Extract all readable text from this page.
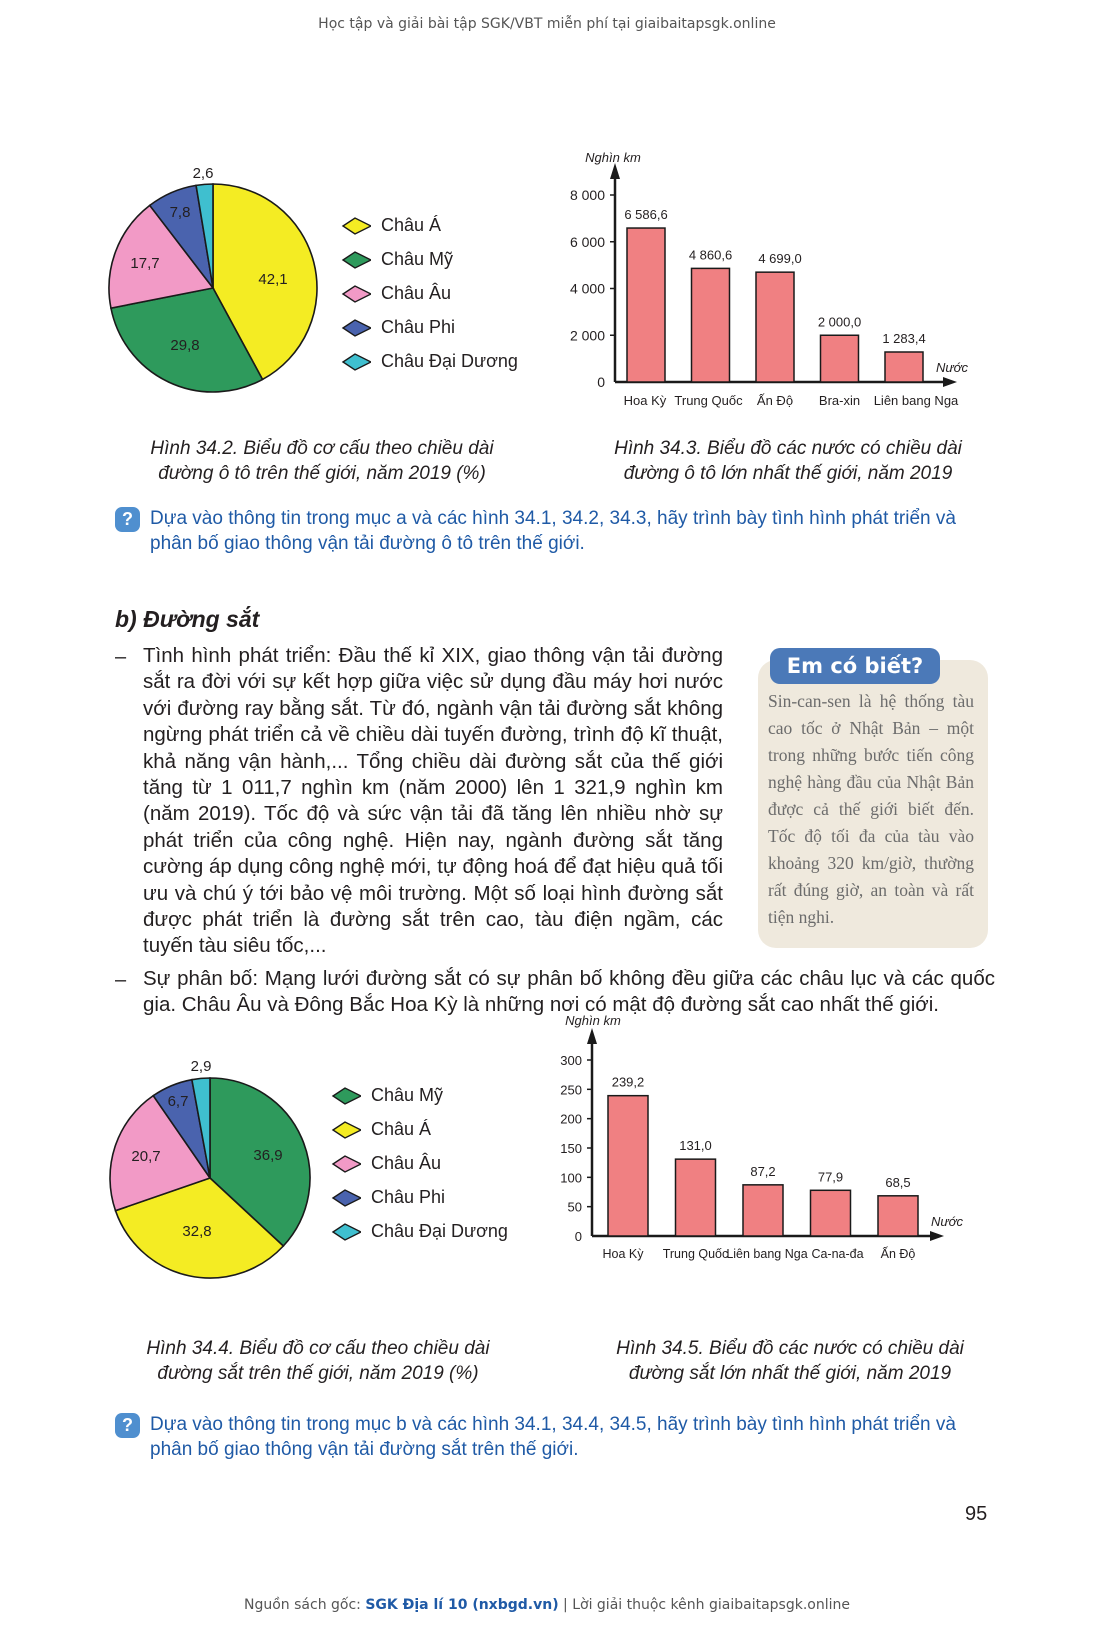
Học tập và giải bài tập SGK/VBT miễn phí tại giaibaitapsgk.online
42,1
29,8
17,7
7,8
2,6
Châu Á
Châu Mỹ
Châu Âu
Châu Phi
Châu Đại Dương
0
2 000
4 000
6 000
8 000
Nghìn km
Nước
6 586,6
Hoa Kỳ
4 860,6
Trung Quốc
4 699,0
Ấn Độ
2 000,0
Bra-xin
1 283,4
Liên bang Nga
Hình 34.2. Biểu đồ cơ cấu theo chiều dài
đường ô tô trên thế giới, năm 2019 (%)
Hình 34.3. Biểu đồ các nước có chiều dài
đường ô tô lớn nhất thế giới, năm 2019
? Dựa vào thông tin trong mục a và các hình 34.1, 34.2, 34.3, hãy trình bày tình hình phát triển và phân bố giao thông vận tải đường ô tô trên thế giới.
b) Đường sắt
– Tình hình phát triển: Đầu thế kỉ XIX, giao thông vận tải đường sắt ra đời với sự kết hợp giữa việc sử dụng đầu máy hơi nước với đường ray bằng sắt. Từ đó, ngành vận tải đường sắt không ngừng phát triển cả về chiều dài tuyến đường, trình độ kĩ thuật, khả năng vận hành,... Tổng chiều dài đường sắt của thế giới tăng từ 1 011,7 nghìn km (năm 2000) lên 1 321,9 nghìn km (năm 2019). Tốc độ và sức vận tải đã tăng lên nhiều nhờ sự phát triển của công nghệ. Hiện nay, ngành đường sắt tăng cường áp dụng công nghệ mới, tự động hoá để đạt hiệu quả tối ưu và chú ý tới bảo vệ môi trường. Một số loại hình đường sắt được phát triển là đường sắt trên cao, tàu điện ngầm, các tuyến tàu siêu tốc,...
Em có biết?
Sin-can-sen là hệ thống tàu cao tốc ở Nhật Bản – một trong những bước tiến công nghệ hàng đầu của Nhật Bản được cả thế giới biết đến. Tốc độ tối đa của tàu vào khoảng 320 km/giờ, thường rất đúng giờ, an toàn và rất tiện nghi.
– Sự phân bố: Mạng lưới đường sắt có sự phân bố không đều giữa các châu lục và các quốc gia. Châu Âu và Đông Bắc Hoa Kỳ là những nơi có mật độ đường sắt cao nhất thế giới.
36,9
32,8
20,7
6,7
2,9
Châu Mỹ
Châu Á
Châu Âu
Châu Phi
Châu Đại Dương	0
50
100
150
200
250
300
Nghìn km
Nước
239,2
Hoa Kỳ
131,0
Trung Quốc
87,2
Liên bang Nga
77,9
Ca-na-đa
68,5
Ấn Độ
Hình 34.4. Biểu đồ cơ cấu theo chiều dài
đường sắt trên thế giới, năm 2019 (%)
Hình 34.5. Biểu đồ các nước có chiều dài
đường sắt lớn nhất thế giới, năm 2019
? Dựa vào thông tin trong mục b và các hình 34.1, 34.4, 34.5, hãy trình bày tình hình phát triển và phân bố giao thông vận tải đường sắt trên thế giới.
95
Nguồn sách gốc: SGK Địa lí 10 (nxbgd.vn) | Lời giải thuộc kênh giaibaitapsgk.online
